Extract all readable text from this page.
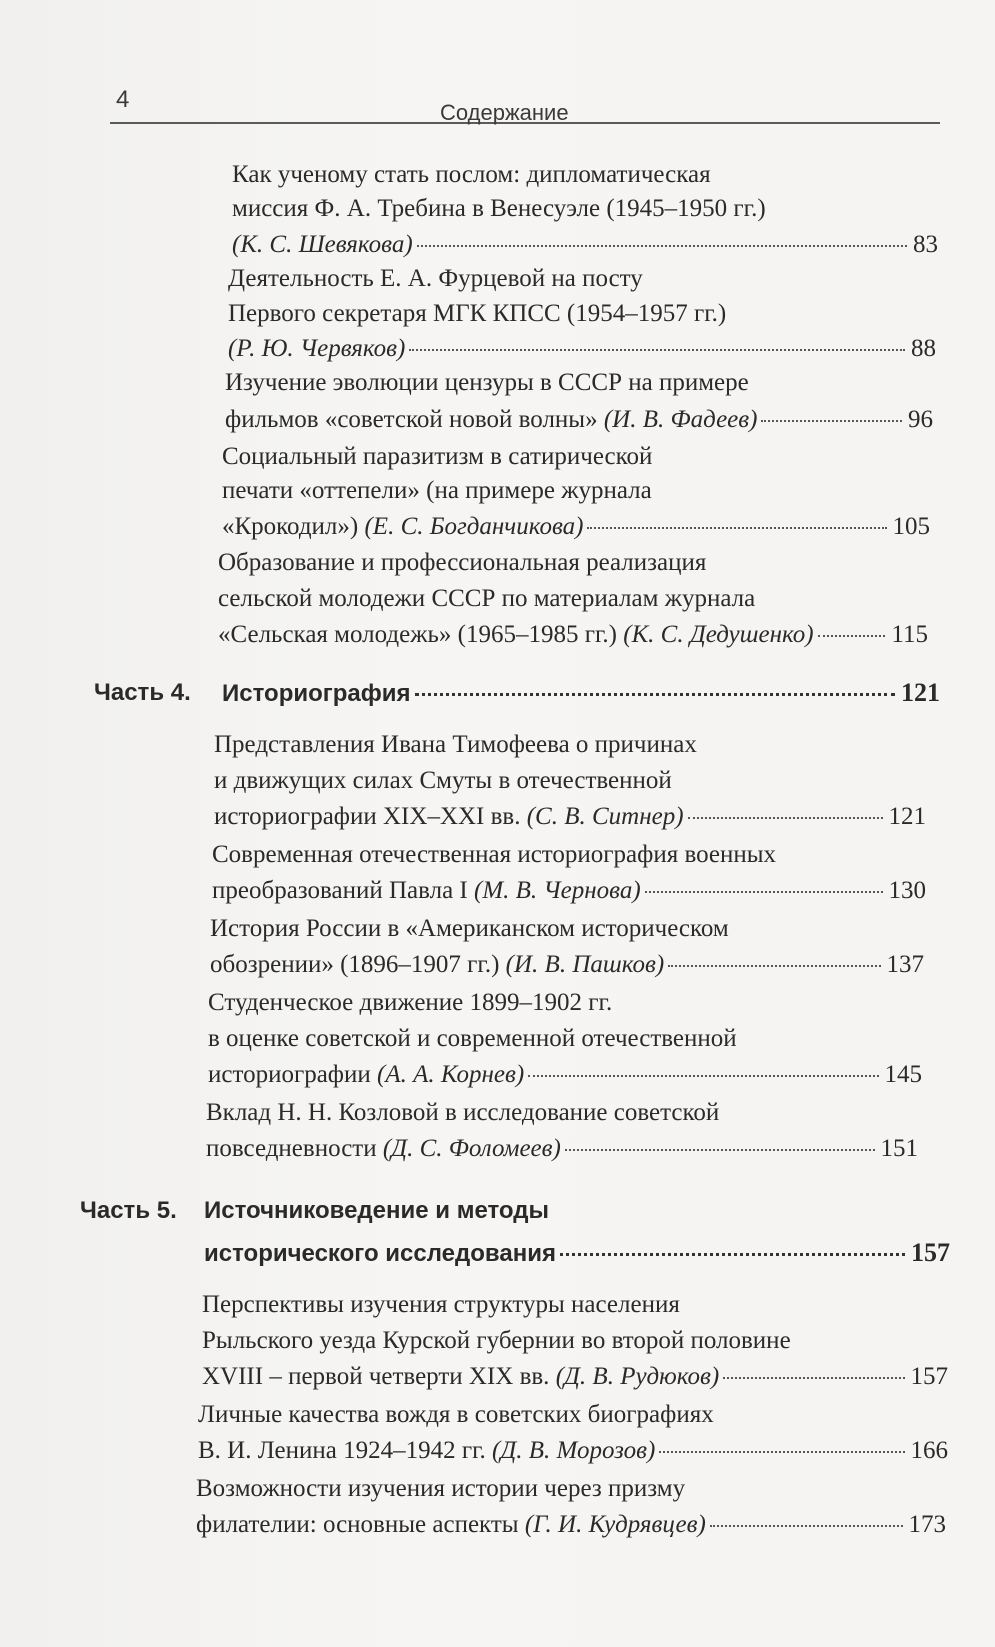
4	Содержание
Как ученому стать послом: дипломатическая
миссия Ф. А. Требина в Венесуэле (1945–1950 гг.)
(К. С. Шевякова)	83
Деятельность Е. А. Фурцевой на посту
Первого секретаря МГК КПСС (1954–1957 гг.)
(Р. Ю. Червяков)	88
Изучение эволюции цензуры в СССР на примере
фильмов «советской новой волны» (И. В. Фадеев)	96
Социальный паразитизм в сатирической
печати «оттепели» (на примере журнала
«Крокодил») (Е. С. Богданчикова)	105
Образование и профессиональная реализация
сельской молодежи СССР по материалам журнала
«Сельская молодежь» (1965–1985 гг.) (К. С. Дедушенко)	115
Часть 4. Историография	121
Представления Ивана Тимофеева о причинах
и движущих силах Смуты в отечественной
историографии XIX–XXI вв. (С. В. Ситнер)	121
Современная отечественная историография военных
преобразований Павла I (М. В. Чернова)	130
История России в «Американском историческом
обозрении» (1896–1907 гг.) (И. В. Пашков)	137
Студенческое движение 1899–1902 гг.
в оценке советской и современной отечественной
историографии (А. А. Корнев)	145
Вклад Н. Н. Козловой в исследование советской
повседневности (Д. С. Фоломеев)	151
Часть 5. Источниковедение и методы
исторического исследования	157
Перспективы изучения структуры населения
Рыльского уезда Курской губернии во второй половине
XVIII – первой четверти XIX вв. (Д. В. Рудюков)	157
Личные качества вождя в советских биографиях
В. И. Ленина 1924–1942 гг. (Д. В. Морозов)	166
Возможности изучения истории через призму
филателии: основные аспекты (Г. И. Кудрявцев)	173
